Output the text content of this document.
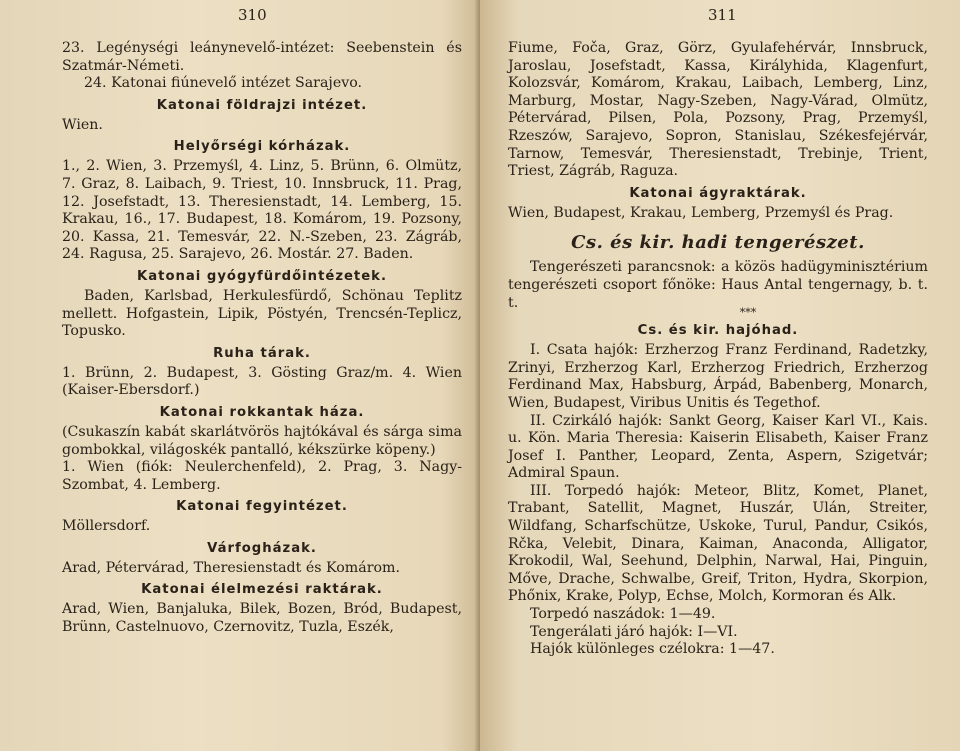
310

23. Legénységi leánynevelő-intézet: Seebenstein és Szatmár-Németi.

24. Katonai fiúnevelő intézet Sarajevo.

Katonai földrajzi intézet.

Wien.

Helyőrségi kórházak.

1., 2. Wien, 3. Przemyśl, 4. Linz, 5. Brünn, 6. Olmütz, 7. Graz, 8. Laibach, 9. Triest, 10. Innsbruck, 11. Prag, 12. Josefstadt, 13. Theresienstadt, 14. Lemberg, 15. Krakau, 16., 17. Budapest, 18. Komárom, 19. Pozsony, 20. Kassa, 21. Temesvár, 22. N.-Szeben, 23. Zágráb, 24. Ragusa, 25. Sarajevo, 26. Mostár. 27. Baden.

Katonai gyógyfürdőintézetek.

Baden, Karlsbad, Herkulesfürdő, Schönau Teplitz mellett. Hofgastein, Lipik, Pöstyén, Trencsén-Teplicz, Topusko.

Ruha tárak.

1. Brünn, 2. Budapest, 3. Gösting Graz/m. 4. Wien (Kaiser-Ebersdorf.)

Katonai rokkantak háza.

(Csukaszín kabát skarlátvörös hajtókával és sárga sima gombokkal, világoskék pantalló, kékszürke köpeny.)

1. Wien (fiók: Neulerchenfeld), 2. Prag, 3. Nagy-Szombat, 4. Lemberg.

Katonai fegyintézet.

Möllersdorf.

Várfogházak.

Arad, Pétervárad, Theresienstadt és Komárom.

Katonai élelmezési raktárak.

Arad, Wien, Banjaluka, Bilek, Bozen, Bród, Budapest, Brünn, Castelnuovo, Czernovitz, Tuzla, Eszék,

311

Fiume, Foča, Graz, Görz, Gyulafehérvár, Innsbruck, Jaroslau, Josefstadt, Kassa, Királyhida, Klagenfurt, Kolozsvár, Komárom, Krakau, Laibach, Lemberg, Linz, Marburg, Mostar, Nagy-Szeben, Nagy-Várad, Olmütz, Pétervárad, Pilsen, Pola, Pozsony, Prag, Przemyśl, Rzeszów, Sarajevo, Sopron, Stanislau, Székesfejérvár, Tarnow, Temesvár, Theresienstadt, Trebinje, Trient, Triest, Zágráb, Raguza.

Katonai ágyraktárak.

Wien, Budapest, Krakau, Lemberg, Przemyśl és Prag.

Cs. és kir. hadi tengerészet.

Tengerészeti parancsnok: a közös hadügyminisztérium tengerészeti csoport főnöke: Haus Antal tengernagy, b. t. t.

***
Cs. és kir. hajóhad.

I. Csata hajók: Erzherzog Franz Ferdinand, Radetzky, Zrinyi, Erzherzog Karl, Erzherzog Friedrich, Erzherzog Ferdinand Max, Habsburg, Árpád, Babenberg, Monarch, Wien, Budapest, Viribus Unitis és Tegethof.

II. Czirkáló hajók: Sankt Georg, Kaiser Karl VI., Kais. u. Kön. Maria Theresia: Kaiserin Elisabeth, Kaiser Franz Josef I. Panther, Leopard, Zenta, Aspern, Szigetvár; Admiral Spaun.

III. Torpedó hajók: Meteor, Blitz, Komet, Planet, Trabant, Satellit, Magnet, Huszár, Ulán, Streiter, Wildfang, Scharfschütze, Uskoke, Turul, Pandur, Csikós, Rčka, Velebit, Dinara, Kaiman, Anaconda, Alligator, Krokodil, Wal, Seehund, Delphin, Narwal, Hai, Pinguin, Mőve, Drache, Schwalbe, Greif, Triton, Hydra, Skorpion, Phőnix, Krake, Polyp, Echse, Molch, Kormoran és Alk.

Torpedó naszádok: 1—49.

Tengerálati járó hajók: I—VI.

Hajók különleges czélokra: 1—47.
